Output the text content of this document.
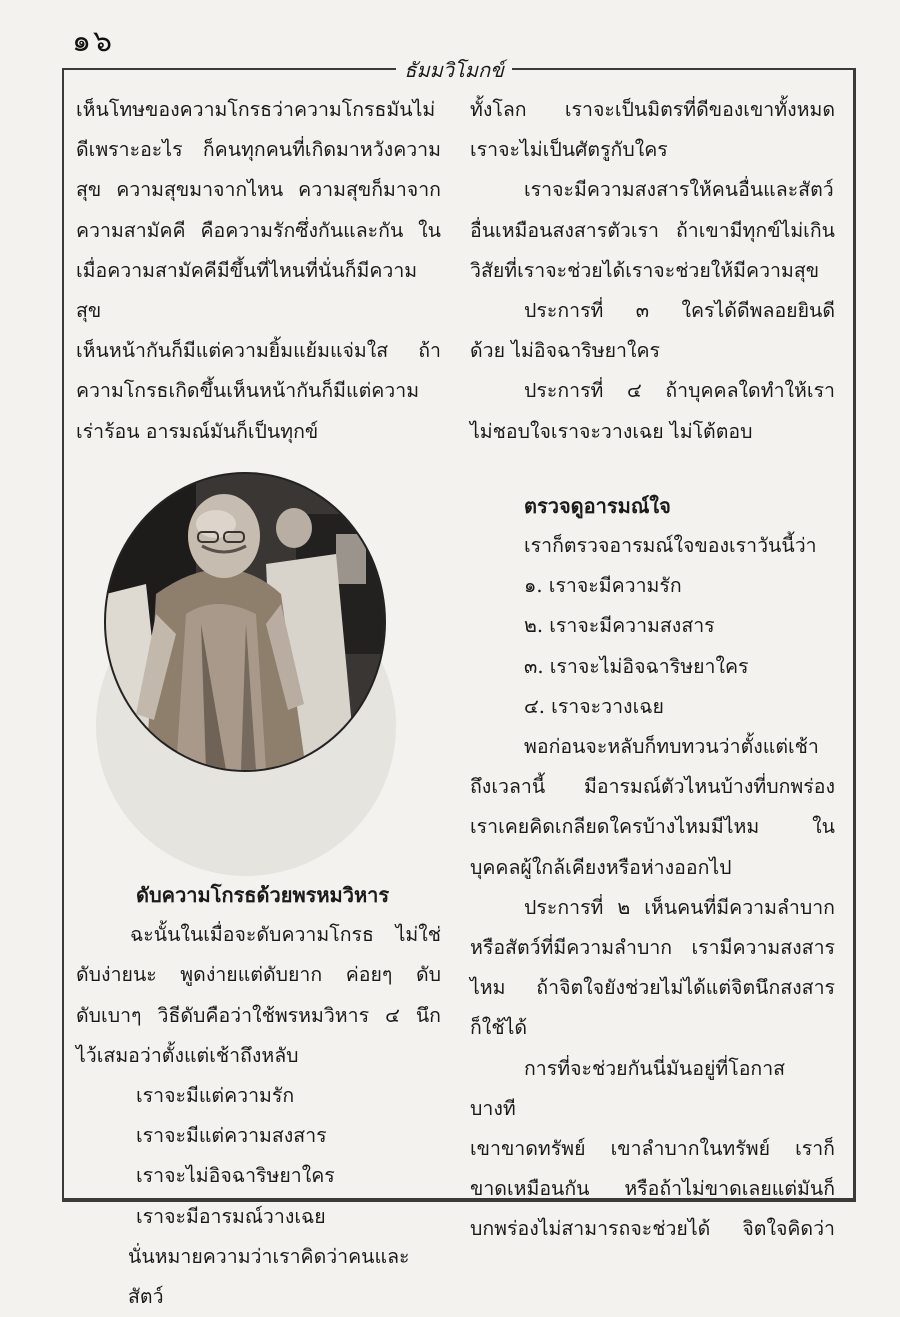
๑๖
ธัมมวิโมกข์

เห็นโทษของความโกรธว่าความโกรธมันไม่

ดีเพราะอะไร ก็คนทุกคนที่เกิดมาหวังความ

สุข ความสุขมาจากไหน ความสุขก็มาจาก

ความสามัคคี คือความรักซึ่งกันและกัน ใน

เมื่อความสามัคคีมีขึ้นที่ไหนที่นั่นก็มีความสุข

เห็นหน้ากันก็มีแต่ความยิ้มแย้มแจ่มใส ถ้า

ความโกรธเกิดขึ้นเห็นหน้ากันก็มีแต่ความ

เร่าร้อน อารมณ์มันก็เป็นทุกข์

ดับความโกรธด้วยพรหมวิหาร

ฉะนั้นในเมื่อจะดับความโกรธ ไม่ใช่

ดับง่ายนะ พูดง่ายแต่ดับยาก ค่อยๆ ดับ

ดับเบาๆ วิธีดับคือว่าใช้พรหมวิหาร ๔ นึก

ไว้เสมอว่าตั้งแต่เช้าถึงหลับ

เราจะมีแต่ความรัก

เราจะมีแต่ความสงสาร

เราจะไม่อิจฉาริษยาใคร

เราจะมีอารมณ์วางเฉย

นั่นหมายความว่าเราคิดว่าคนและสัตว์

ทั้งโลก เราจะเป็นมิตรที่ดีของเขาทั้งหมด

เราจะไม่เป็นศัตรูกับใคร

เราจะมีความสงสารให้คนอื่นและสัตว์

อื่นเหมือนสงสารตัวเรา ถ้าเขามีทุกข์ไม่เกิน

วิสัยที่เราจะช่วยได้เราจะช่วยให้มีความสุข

ประการที่ ๓ ใครได้ดีพลอยยินดี

ด้วย ไม่อิจฉาริษยาใคร

ประการที่ ๔ ถ้าบุคคลใดทำให้เรา

ไม่ชอบใจเราจะวางเฉย ไม่โต้ตอบ

ตรวจดูอารมณ์ใจ

เราก็ตรวจอารมณ์ใจของเราวันนี้ว่า

๑. เราจะมีความรัก

๒. เราจะมีความสงสาร

๓. เราจะไม่อิจฉาริษยาใคร

๔. เราจะวางเฉย

พอก่อนจะหลับก็ทบทวนว่าตั้งแต่เช้า

ถึงเวลานี้ มีอารมณ์ตัวไหนบ้างที่บกพร่อง

เราเคยคิดเกลียดใครบ้างไหมมีไหม ใน

บุคคลผู้ใกล้เคียงหรือห่างออกไป

ประการที่ ๒ เห็นคนที่มีความลำบาก

หรือสัตว์ที่มีความลำบาก เรามีความสงสาร

ไหม ถ้าจิตใจยังช่วยไม่ได้แต่จิตนึกสงสาร

ก็ใช้ได้

การที่จะช่วยกันนี่มันอยู่ที่โอกาส บางที

เขาขาดทรัพย์ เขาลำบากในทรัพย์ เราก็

ขาดเหมือนกัน หรือถ้าไม่ขาดเลยแต่มันก็

บกพร่องไม่สามารถจะช่วยได้ จิตใจคิดว่า
